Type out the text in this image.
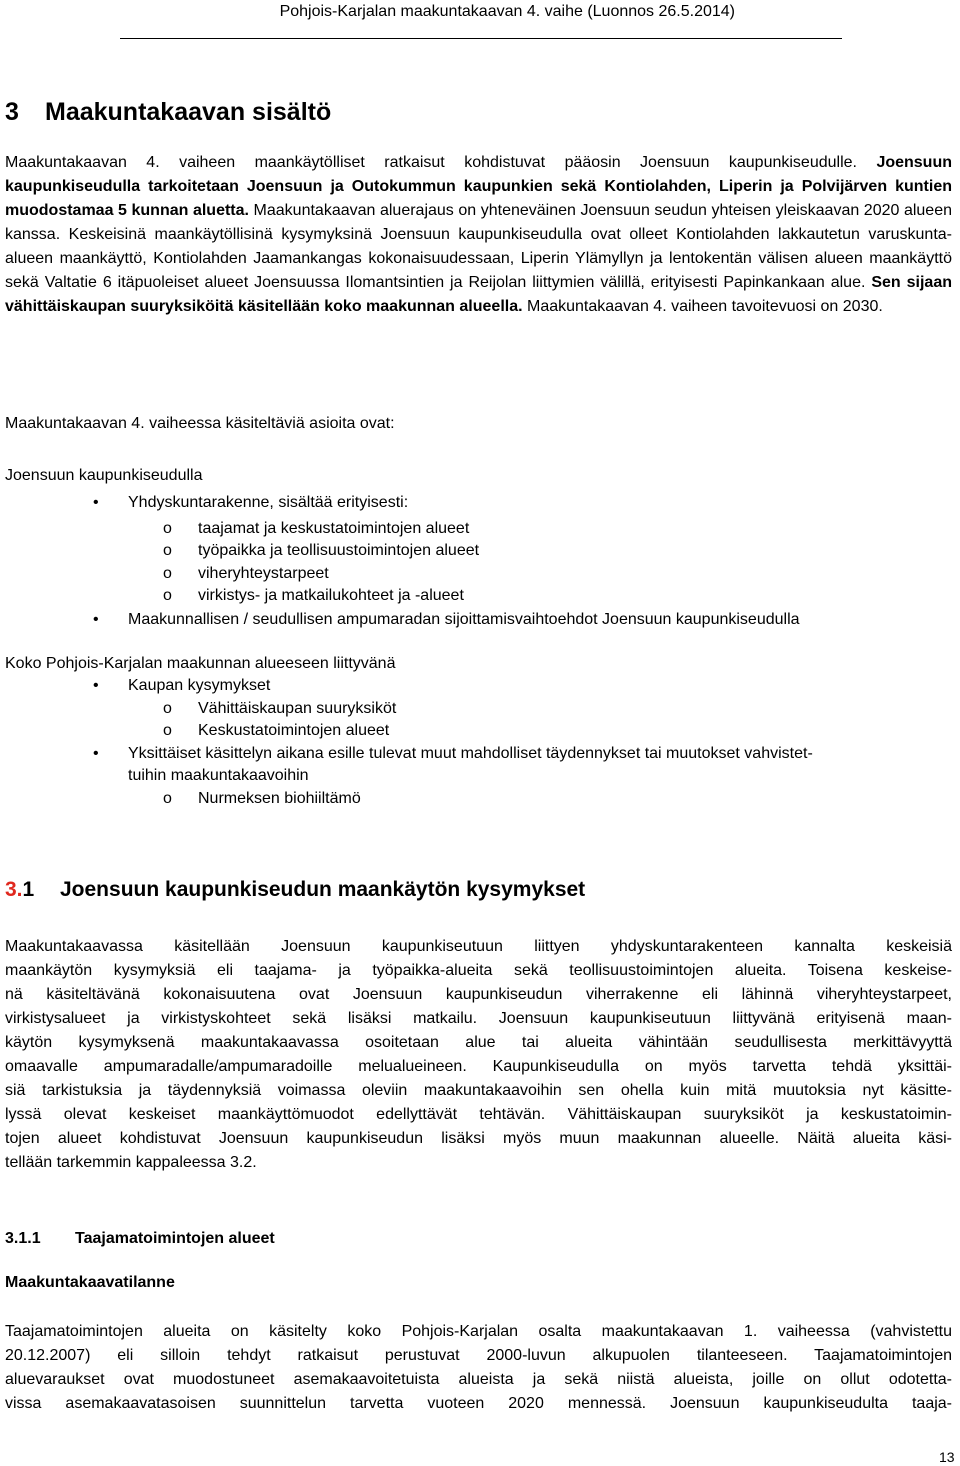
Pohjois-Karjalan maakuntakaavan 4. vaihe (Luonnos 26.5.2014)
3 Maakuntakaavan sisältö

Maakuntakaavan 4. vaiheen maankäytölliset ratkaisut kohdistuvat pääosin Joensuun kaupunkiseudulle. Joensuun kaupunkiseudulla tarkoitetaan Joensuun ja Outokummun kaupunkien sekä Kontiolahden, Liperin ja Polvijärven kuntien muodostamaa 5 kunnan aluetta. Maakuntakaavan aluerajaus on yhteneväinen Joensuun seudun yhteisen yleiskaavan 2020 alueen kanssa. Keskeisinä maankäytöllisinä kysymyksinä Joensuun kaupunkiseudulla ovat olleet Kontiolahden lakkautetun varuskunta-alueen maankäyttö, Kontiolahden Jaamankangas kokonaisuudessaan, Liperin Ylämyllyn ja lentokentän välisen alueen maankäyttö sekä Valtatie 6 itäpuoleiset alueet Joensuussa Ilomantsintien ja Reijolan liittymien välillä, erityisesti Papinkankaan alue. Sen sijaan vähittäiskaupan suuryksiköitä käsitellään koko maakunnan alueella. Maakuntakaavan 4. vaiheen tavoitevuosi on 2030.

Maakuntakaavan 4. vaiheessa käsiteltäviä asioita ovat:

Joensuun kaupunkiseudulla

• Yhdyskuntarakenne, sisältää erityisesti:
o taajamat ja keskustatoimintojen alueet
o työpaikka ja teollisuustoimintojen alueet
o viheryhteystarpeet
o virkistys- ja matkailukohteet ja -alueet
• Maakunnallisen / seudullisen ampumaradan sijoittamisvaihtoehdot Joensuun kaupunkiseudulla

Koko Pohjois-Karjalan maakunnan alueeseen liittyvänä

• Kaupan kysymykset
o Vähittäiskaupan suuryksiköt
o Keskustatoimintojen alueet
• Yksittäiset käsittelyn aikana esille tulevat muut mahdolliset täydennykset tai muutokset vahvistet-
tuihin maakuntakaavoihin
o Nurmeksen biohiiltämö
3.1 Joensuun kaupunkiseudun maankäytön kysymykset
Maakuntakaavassa käsitellään Joensuun kaupunkiseutuun liittyen yhdyskuntarakenteen kannalta keskeisiä
maankäytön kysymyksiä eli taajama- ja työpaikka-alueita sekä teollisuustoimintojen alueita. Toisena keskeise-
nä käsiteltävänä kokonaisuutena ovat Joensuun kaupunkiseudun viherrakenne eli lähinnä viheryhteystarpeet,
virkistysalueet ja virkistyskohteet sekä lisäksi matkailu. Joensuun kaupunkiseutuun liittyvänä erityisenä maan-
käytön kysymyksenä maakuntakaavassa osoitetaan alue tai alueita vähintään seudullisesta merkittävyyttä
omaavalle ampumaradalle/ampumaradoille melualueineen. Kaupunkiseudulla on myös tarvetta tehdä yksittäi-
siä tarkistuksia ja täydennyksiä voimassa oleviin maakuntakaavoihin sen ohella kuin mitä muutoksia nyt käsitte-
lyssä olevat keskeiset maankäyttömuodot edellyttävät tehtävän. Vähittäiskaupan suuryksiköt ja keskustatoimin-
tojen alueet kohdistuvat Joensuun kaupunkiseudun lisäksi myös muun maakunnan alueelle. Näitä alueita käsi-
tellään tarkemmin kappaleessa 3.2.
3.1.1 Taajamatoimintojen alueet
Maakuntakaavatilanne
Taajamatoimintojen alueita on käsitelty koko Pohjois-Karjalan osalta maakuntakaavan 1. vaiheessa (vahvistettu
20.12.2007) eli silloin tehdyt ratkaisut perustuvat 2000-luvun alkupuolen tilanteeseen. Taajamatoimintojen
aluevaraukset ovat muodostuneet asemakaavoitetuista alueista ja sekä niistä alueista, joille on ollut odotetta-
vissa asemakaavatasoisen suunnittelun tarvetta vuoteen 2020 mennessä. Joensuun kaupunkiseudulta taaja-
13
